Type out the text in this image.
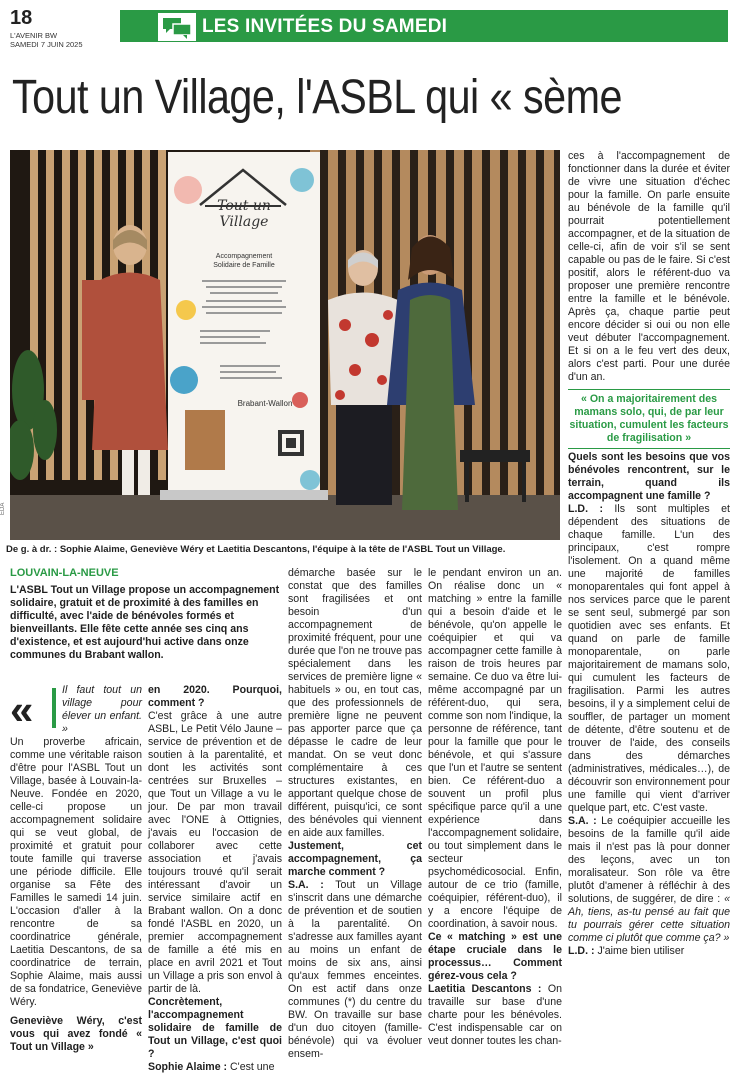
18
L'AVENIR BW
SAMEDI 7 JUIN 2025
LES INVITÉES DU SAMEDI
Tout un Village, l'ASBL qui « sème
Tout un
Village
Accompagnement
Solidaire de Famille
Brabant-Wallon
EDA
De g. à dr. : Sophie Alaime, Geneviève Wéry et Laetitia Descantons, l'équipe à la tête de l'ASBL Tout un Village.
LOUVAIN-LA-NEUVE
L'ASBL Tout un Village propose un accompagnement solidaire, gratuit et de proximité à des familles en difficulté, avec l'aide de bénévoles formés et bienveillants. Elle fête cette année ses cinq ans d'existence, et est aujourd'hui active dans onze communes du Brabant wallon.
«	Il faut tout un village pour élever un enfant. »

Un proverbe africain, comme une véritable raison d'être pour l'ASBL Tout un Village, basée à Louvain-la-Neuve. Fondée en 2020, celle-ci propose un accompagnement solidaire qui se veut global, de proximité et gratuit pour toute famille qui traverse une période difficile. Elle organise sa Fête des Familles le samedi 14 juin. L'occasion d'aller à la rencontre de sa coordinatrice générale, Laetitia Descantons, de sa coordinatrice de terrain, Sophie Alaime, mais aussi de sa fondatrice, Geneviève Wéry.

Geneviève Wéry, c'est vous qui avez fondé « Tout un Village »

en 2020. Pourquoi, comment ?

C'est grâce à une autre ASBL, Le Petit Vélo Jaune – service de prévention et de soutien à la parentalité, et dont les activités sont centrées sur Bruxelles – que Tout un Village a vu le jour. De par mon travail avec l'ONE à Ottignies, j'avais eu l'occasion de collaborer avec cette association et j'avais toujours trouvé qu'il serait intéressant d'avoir un service similaire actif en Brabant wallon. On a donc fondé l'ASBL en 2020, un premier accompagnement de famille a été mis en place en avril 2021 et Tout un Village a pris son envol à partir de là.

Concrètement, l'accompagnement solidaire de famille de Tout un Village, c'est quoi ?

Sophie Alaime : C'est une

démarche basée sur le constat que des familles sont fragilisées et ont besoin d'un accompagnement de proximité fréquent, pour une durée que l'on ne trouve pas spécialement dans les services de première ligne « habituels » ou, en tout cas, que des professionnels de première ligne ne peuvent pas apporter parce que ça dépasse le cadre de leur mandat. On se veut donc complémentaire à ces structures existantes, en apportant quelque chose de différent, puisqu'ici, ce sont des bénévoles qui viennent en aide aux familles.

Justement, cet accompagnement, ça marche comment ?

S.A. : Tout un Village s'inscrit dans une démarche de prévention et de soutien à la parentalité. On s'adresse aux familles ayant au moins un enfant de moins de six ans, ainsi qu'aux femmes enceintes. On est actif dans onze communes (*) du centre du BW. On travaille sur base d'un duo citoyen (famille-bénévole) qui va évoluer ensem-

le pendant environ un an. On réalise donc un « matching » entre la famille qui a besoin d'aide et le bénévole, qu'on appelle le coéquipier et qui va accompagner cette famille à raison de trois heures par semaine. Ce duo va être lui-même accompagné par un référent-duo, qui sera, comme son nom l'indique, la personne de référence, tant pour la famille que pour le bénévole, et qui s'assure que l'un et l'autre se sentent bien. Ce référent-duo a souvent un profil plus spécifique parce qu'il a une expérience dans l'accompagnement solidaire, ou tout simplement dans le secteur psychomédicosocial. Enfin, autour de ce trio (famille, coéquipier, référent-duo), il y a encore l'équipe de coordination, à savoir nous.

Ce « matching » est une étape cruciale dans le processus… Comment gérez-vous cela ?

Laetitia Descantons : On travaille sur base d'une charte pour les bénévoles. C'est indispensable car on veut donner toutes les chan-

ces à l'accompagnement de fonctionner dans la durée et éviter de vivre une situation d'échec pour la famille. On parle ensuite au bénévole de la famille qu'il pourrait potentiellement accompagner, et de la situation de celle-ci, afin de voir s'il se sent capable ou pas de le faire. Si c'est positif, alors le référent-duo va proposer une première rencontre entre la famille et le bénévole. Après ça, chaque partie peut encore décider si oui ou non elle veut débuter l'accompagnement. Et si on a le feu vert des deux, alors c'est parti. Pour une durée d'un an.

« On a majoritairement des mamans solo, qui, de par leur situation, cumulent les facteurs de fragilisation »

Quels sont les besoins que vos bénévoles rencontrent, sur le terrain, quand ils accompagnent une famille ?

L.D. : Ils sont multiples et dépendent des situations de chaque famille. L'un des principaux, c'est rompre l'isolement. On a quand même une majorité de familles monoparentales qui font appel à nos services parce que le parent se sent seul, submergé par son quotidien avec ses enfants. Et quand on parle de famille monoparentale, on parle majoritairement de mamans solo, qui cumulent les facteurs de fragilisation. Parmi les autres besoins, il y a simplement celui de souffler, de partager un moment de détente, d'être soutenu et de trouver de l'aide, des conseils dans des démarches (administratives, médicales…), de découvrir son environnement pour une famille qui vient d'arriver quelque part, etc. C'est vaste.

S.A. : Le coéquipier accueille les besoins de la famille qu'il aide mais il n'est pas là pour donner des leçons, avec un ton moralisateur. Son rôle va être plutôt d'amener à réfléchir à des solutions, de suggérer, de dire : « Ah, tiens, as-tu pensé au fait que tu pourrais gérer cette situation comme ci plutôt que comme ça? »

L.D. : J'aime bien utiliser
